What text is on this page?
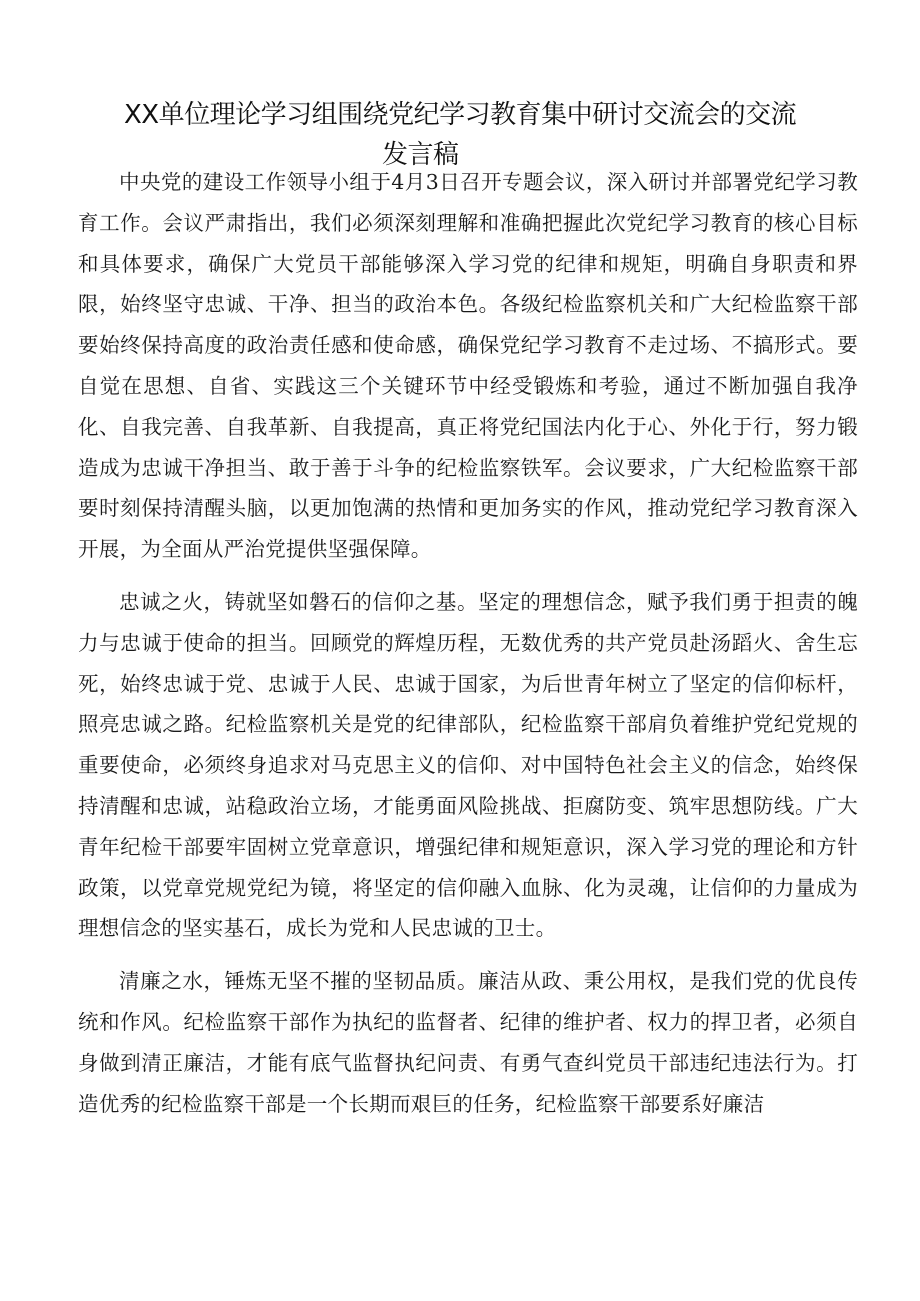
XX单位理论学习组围绕党纪学习教育集中研讨交流会的交流
发言稿

中央党的建设工作领导小组于4月3日召开专题会议，深入研讨并部署党纪学习教育工作。会议严肃指出，我们必须深刻理解和准确把握此次党纪学习教育的核心目标和具体要求，确保广大党员干部能够深入学习党的纪律和规矩，明确自身职责和界限，始终坚守忠诚、干净、担当的政治本色。各级纪检监察机关和广大纪检监察干部要始终保持高度的政治责任感和使命感，确保党纪学习教育不走过场、不搞形式。要自觉在思想、自省、实践这三个关键环节中经受锻炼和考验，通过不断加强自我净化、自我完善、自我革新、自我提高，真正将党纪国法内化于心、外化于行，努力锻造成为忠诚干净担当、敢于善于斗争的纪检监察铁军。会议要求，广大纪检监察干部要时刻保持清醒头脑，以更加饱满的热情和更加务实的作风，推动党纪学习教育深入开展，为全面从严治党提供坚强保障。

忠诚之火，铸就坚如磐石的信仰之基。坚定的理想信念，赋予我们勇于担责的魄力与忠诚于使命的担当。回顾党的辉煌历程，无数优秀的共产党员赴汤蹈火、舍生忘死，始终忠诚于党、忠诚于人民、忠诚于国家，为后世青年树立了坚定的信仰标杆，照亮忠诚之路。纪检监察机关是党的纪律部队，纪检监察干部肩负着维护党纪党规的重要使命，必须终身追求对马克思主义的信仰、对中国特色社会主义的信念，始终保持清醒和忠诚，站稳政治立场，才能勇面风险挑战、拒腐防变、筑牢思想防线。广大青年纪检干部要牢固树立党章意识，增强纪律和规矩意识，深入学习党的理论和方针政策，以党章党规党纪为镜，将坚定的信仰融入血脉、化为灵魂，让信仰的力量成为理想信念的坚实基石，成长为党和人民忠诚的卫士。

清廉之水，锤炼无坚不摧的坚韧品质。廉洁从政、秉公用权，是我们党的优良传统和作风。纪检监察干部作为执纪的监督者、纪律的维护者、权力的捍卫者，必须自身做到清正廉洁，才能有底气监督执纪问责、有勇气查纠党员干部违纪违法行为。打造优秀的纪检监察干部是一个长期而艰巨的任务，纪检监察干部要系好廉洁
